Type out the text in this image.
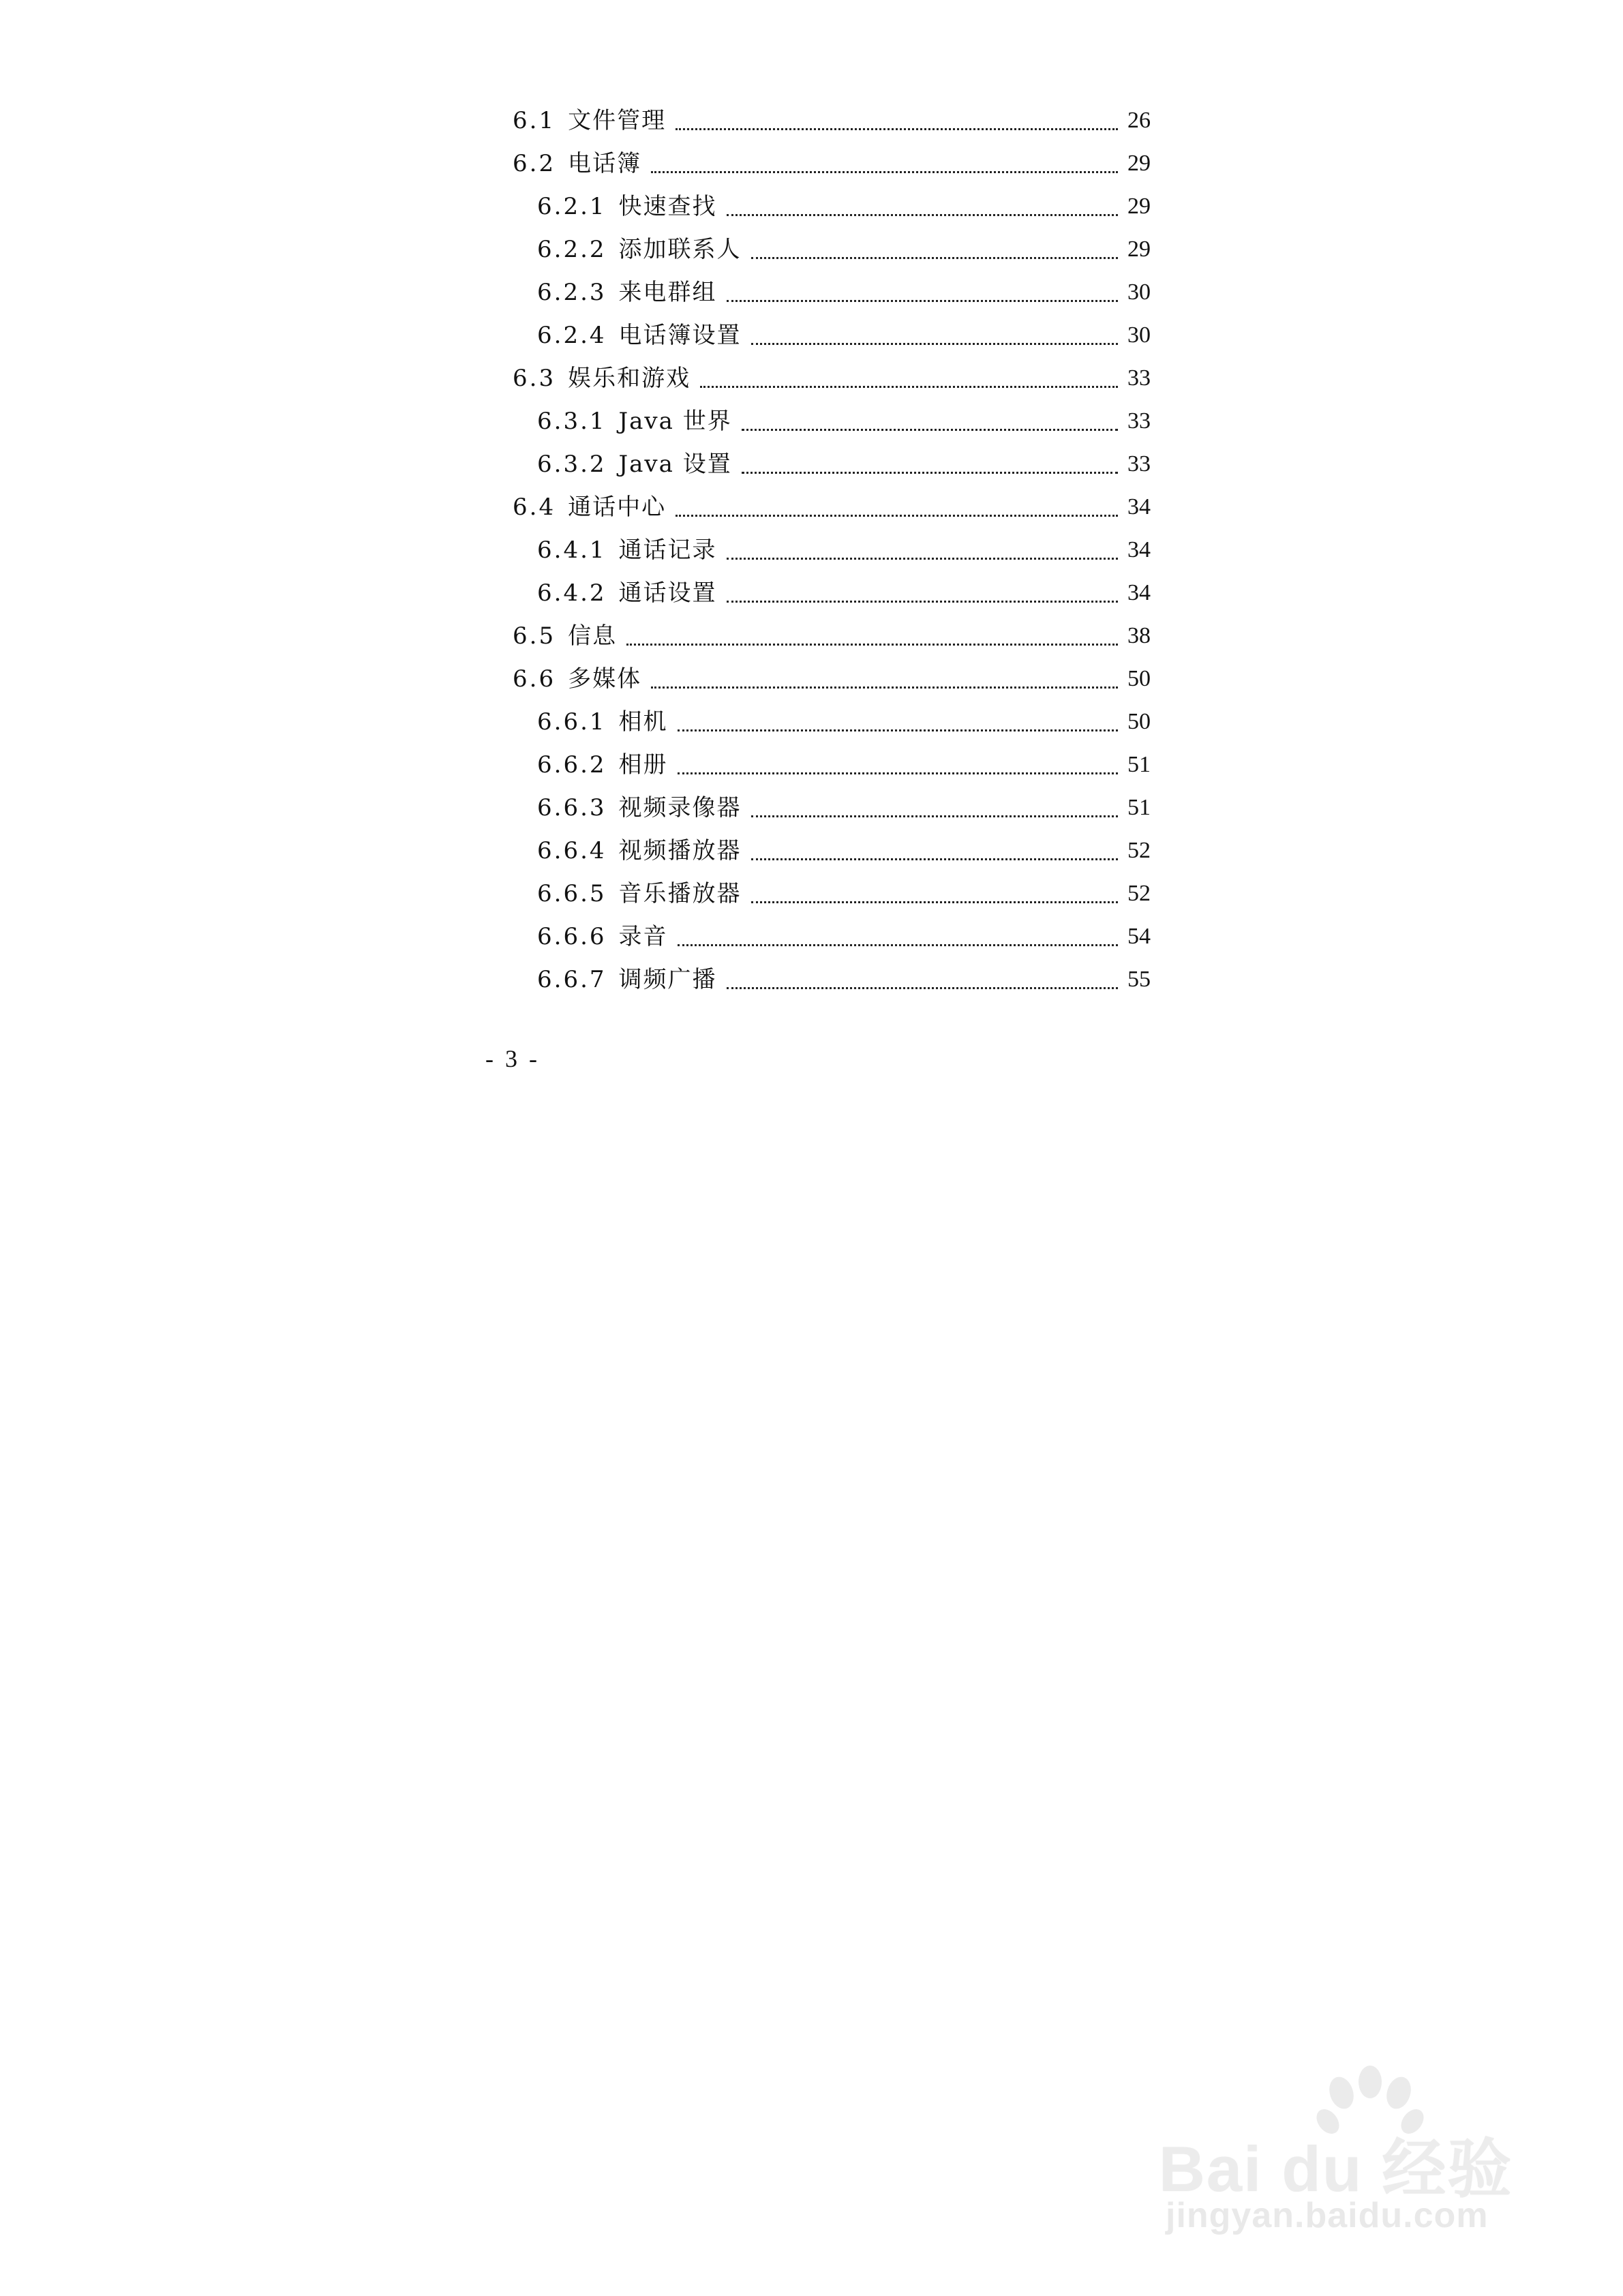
6.1 文件管理	26
6.2 电话簿	29
6.2.1 快速查找	29
6.2.2 添加联系人	29
6.2.3 来电群组	30
6.2.4 电话簿设置	30
6.3 娱乐和游戏	33
6.3.1 Java 世界	33
6.3.2 Java 设置	33
6.4 通话中心	34
6.4.1 通话记录	34
6.4.2 通话设置	34
6.5 信息	38
6.6 多媒体	50
6.6.1 相机	50
6.6.2 相册	51
6.6.3 视频录像器	51
6.6.4 视频播放器	52
6.6.5 音乐播放器	52
6.6.6 录音	54
6.6.7 调频广播	55
- 3 -
Bai du 经验
jingyan.baidu.com
